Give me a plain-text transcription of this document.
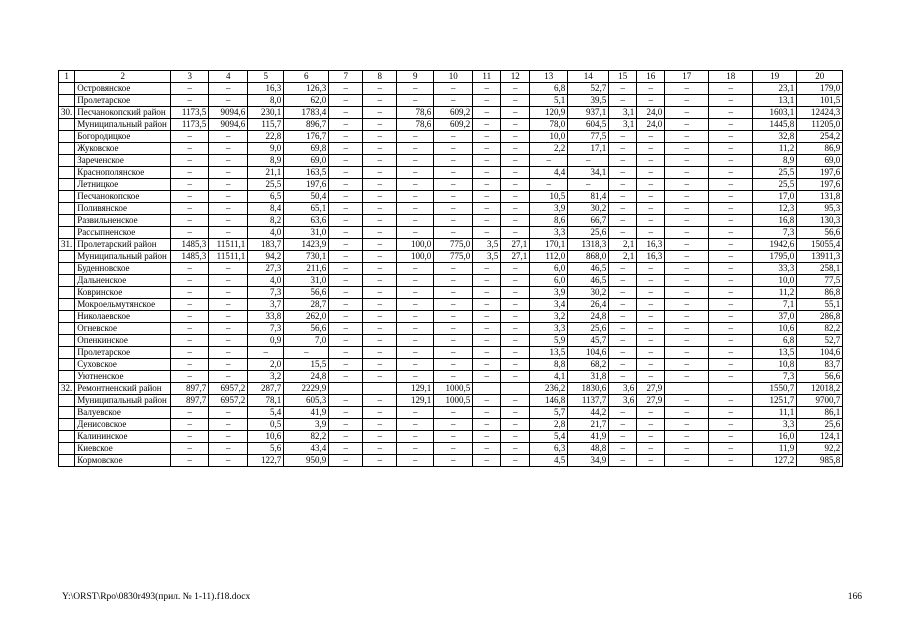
1	2	3	4	5	6	7	8	9	10	11	12	13	14	15	16	17	18	19	20
	Островянское	–	–	16,3	126,3	–	–	–	–	–	–	6,8	52,7	–	–	–	–	23,1	179,0
	Пролетарское	–	–	8,0	62,0	–	–	–	–	–	–	5,1	39,5	–	–	–	–	13,1	101,5
30.	Песчанокопский район	1173,5	9094,6	230,1	1783,4	–	–	78,6	609,2	–	–	120,9	937,1	3,1	24,0	–	–	1603,1	12424,3
	Муниципальный район	1173,5	9094,6	115,7	896,7	–	–	78,6	609,2	–	–	78,0	604,5	3,1	24,0	–	–	1445,8	11205,0
	Богородицкое	–	–	22,8	176,7	–	–	–	–	–	–	10,0	77,5	–	–	–	–	32,8	254,2
	Жуковское	–	–	9,0	69,8	–	–	–	–	–	–	2,2	17,1	–	–	–	–	11,2	86,9
	Зареченское	–	–	8,9	69,0	–	–	–	–	–	–	–	–	–	–	–	–	8,9	69,0
	Краснополянское	–	–	21,1	163,5	–	–	–	–	–	–	4,4	34,1	–	–	–	–	25,5	197,6
	Летницкое	–	–	25,5	197,6	–	–	–	–	–	–	–	–	–	–	–	–	25,5	197,6
	Песчанокопское	–	–	6,5	50,4	–	–	–	–	–	–	10,5	81,4	–	–	–	–	17,0	131,8
	Поливянское	–	–	8,4	65,1	–	–	–	–	–	–	3,9	30,2	–	–	–	–	12,3	95,3
	Развильненское	–	–	8,2	63,6	–	–	–	–	–	–	8,6	66,7	–	–	–	–	16,8	130,3
	Рассыпненское	–	–	4,0	31,0	–	–	–	–	–	–	3,3	25,6	–	–	–	–	7,3	56,6
31.	Пролетарский район	1485,3	11511,1	183,7	1423,9	–	–	100,0	775,0	3,5	27,1	170,1	1318,3	2,1	16,3	–	–	1942,6	15055,4
	Муниципальный район	1485,3	11511,1	94,2	730,1	–	–	100,0	775,0	3,5	27,1	112,0	868,0	2,1	16,3	–	–	1795,0	13911,3
	Буденновское	–	–	27,3	211,6	–	–	–	–	–	–	6,0	46,5	–	–	–	–	33,3	258,1
	Дальненское	–	–	4,0	31,0	–	–	–	–	–	–	6,0	46,5	–	–	–	–	10,0	77,5
	Ковринское	–	–	7,3	56,6	–	–	–	–	–	–	3,9	30,2	–	–	–	–	11,2	86,8
	Мокроельмутянское	–	–	3,7	28,7	–	–	–	–	–	–	3,4	26,4	–	–	–	–	7,1	55,1
	Николаевское	–	–	33,8	262,0	–	–	–	–	–	–	3,2	24,8	–	–	–	–	37,0	286,8
	Огневское	–	–	7,3	56,6	–	–	–	–	–	–	3,3	25,6	–	–	–	–	10,6	82,2
	Опенкинское	–	–	0,9	7,0	–	–	–	–	–	–	5,9	45,7	–	–	–	–	6,8	52,7
	Пролетарское	–	–	–	–	–	–	–	–	–	–	13,5	104,6	–	–	–	–	13,5	104,6
	Суховское	–	–	2,0	15,5	–	–	–	–	–	–	8,8	68,2	–	–	–	–	10,8	83,7
	Уютненское	–	–	3,2	24,8	–	–	–	–	–	–	4,1	31,8	–	–	–	–	7,3	56,6
32.	Ремонтненский район	897,7	6957,2	287,7	2229,9			129,1	1000,5			236,2	1830,6	3,6	27,9			1550,7	12018,2
	Муниципальный район	897,7	6957,2	78,1	605,3	–	–	129,1	1000,5	–	–	146,8	1137,7	3,6	27,9	–	–	1251,7	9700,7
	Валуевское	–	–	5,4	41,9	–	–	–	–	–	–	5,7	44,2	–	–	–	–	11,1	86,1
	Денисовское	–	–	0,5	3,9	–	–	–	–	–	–	2,8	21,7	–	–	–	–	3,3	25,6
	Калининское	–	–	10,6	82,2	–	–	–	–	–	–	5,4	41,9	–	–	–	–	16,0	124,1
	Киевское	–	–	5,6	43,4	–	–	–	–	–	–	6,3	48,8	–	–	–	–	11,9	92,2
	Кормовское	–	–	122,7	950,9	–	–	–	–	–	–	4,5	34,9	–	–	–	–	127,2	985,8
Y:\ORST\Rpo\0830r493(прил. № 1-11).f18.docx	166
